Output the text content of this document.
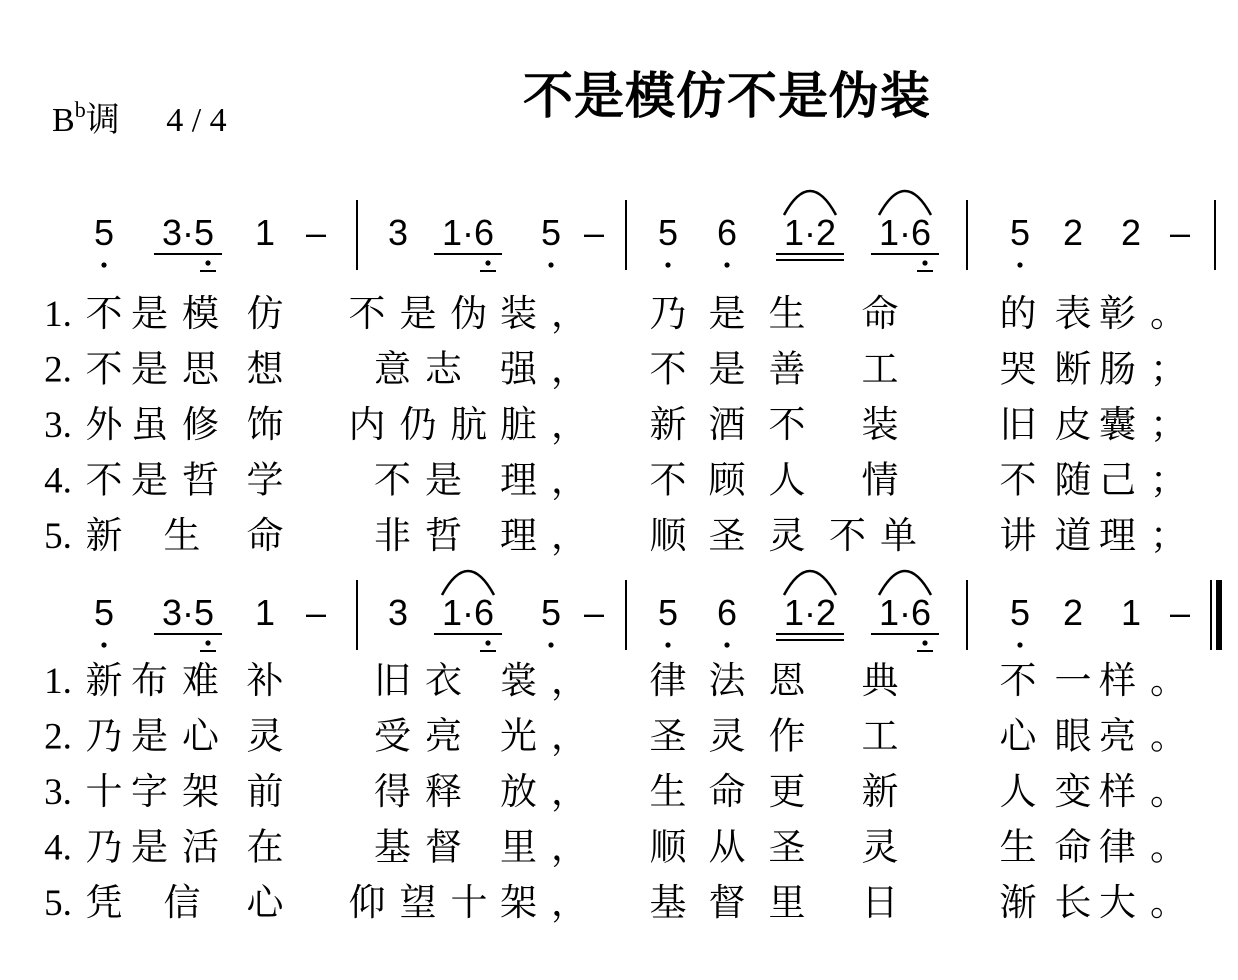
$B^b$调 4 / 4	不是模仿不是伪装
5 3·5 1 – 3 1·6 5 – 5 6 1·2 1·6 5 2 2 –
1. 不 是模 仿 不是伪
装， 乃 是 生 命	的 表 彰。
2. 不 是思 想 意志 强， 不 是 善 工	哭 断 肠；
3. 外 虽修 饰 内仍肮
脏， 新 酒 不 装	旧 皮 囊；
4. 不 是哲 学 不是 理， 不 顾 人 情	不 随 己；
5. 新 生 命 非哲 理， 顺 圣 灵 不单 讲 道 理；
5 3·5 1 – 3 1·6 5 – 5 6 1·2 1·6 5 2 1 –
1. 新 布难 补 旧衣 裳， 律 法 恩 典	不 一 样。
2. 乃 是心 灵 受亮 光， 圣 灵 作 工	心 眼 亮。
3. 十 字架 前 得释 放， 生 命 更 新	人 变 样。
4. 乃 是活 在 基督 里， 顺 从 圣 灵	生 命 律。
5. 凭 信 心 仰望十
架， 基 督 里 日	渐 长 大。
